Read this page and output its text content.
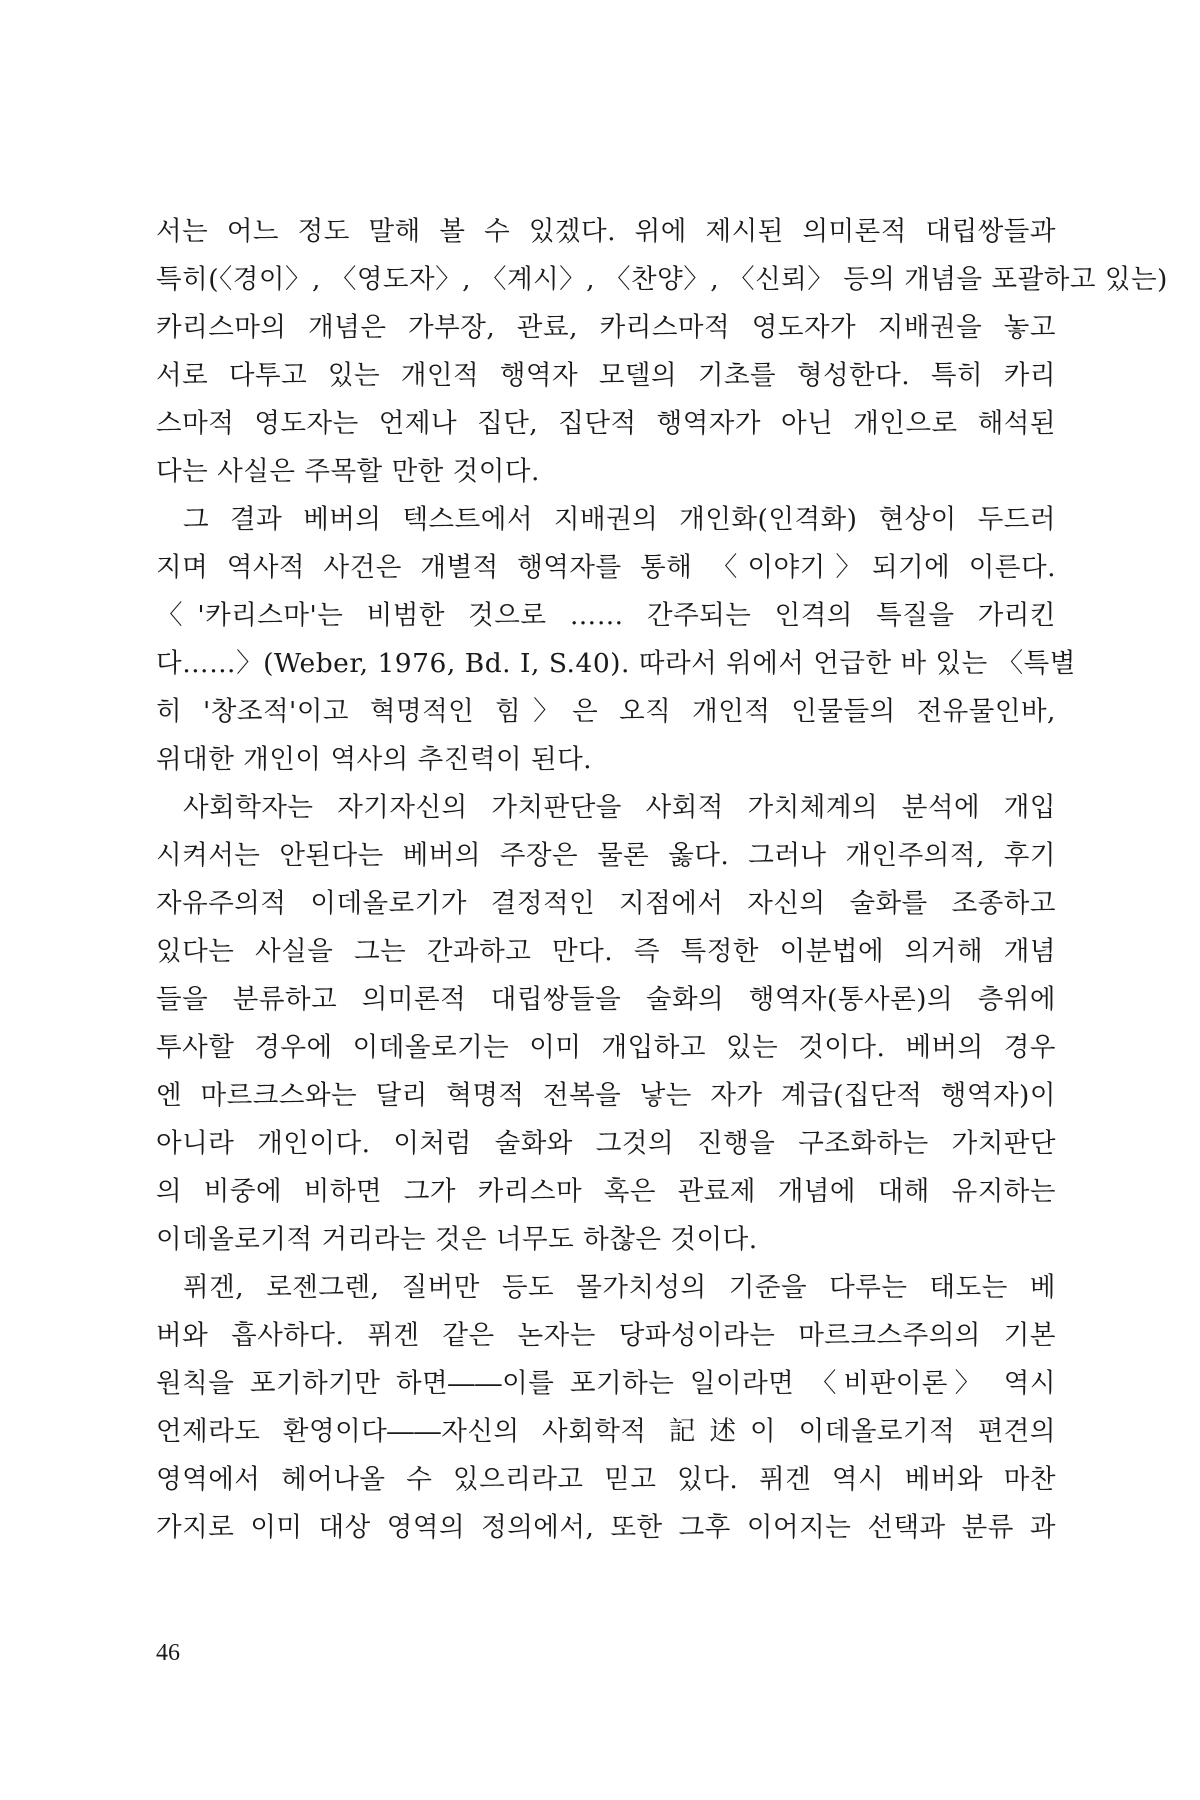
서는 어느 정도 말해 볼 수 있겠다. 위에 제시된 의미론적 대립쌍들과
특히(〈경이〉, 〈영도자〉, 〈계시〉, 〈찬양〉, 〈신뢰〉 등의 개념을 포괄하고 있는)
카리스마의 개념은 가부장, 관료, 카리스마적 영도자가 지배권을 놓고
서로 다투고 있는 개인적 행역자 모델의 기초를 형성한다. 특히 카리
스마적 영도자는 언제나 집단, 집단적 행역자가 아닌 개인으로 해석된
다는 사실은 주목할 만한 것이다.

그 결과 베버의 텍스트에서 지배권의 개인화(인격화) 현상이 두드러
지며 역사적 사건은 개별적 행역자를 통해 〈이야기〉되기에 이른다.
〈'카리스마'는 비범한 것으로 …… 간주되는 인격의 특질을 가리킨
다……〉(Weber, 1976, Bd. I, S.40). 따라서 위에서 언급한 바 있는 〈특별
히 '창조적'이고 혁명적인 힘〉은 오직 개인적 인물들의 전유물인바,
위대한 개인이 역사의 추진력이 된다.

사회학자는 자기자신의 가치판단을 사회적 가치체계의 분석에 개입
시켜서는 안된다는 베버의 주장은 물론 옳다. 그러나 개인주의적, 후기
자유주의적 이데올로기가 결정적인 지점에서 자신의 술화를 조종하고
있다는 사실을 그는 간과하고 만다. 즉 특정한 이분법에 의거해 개념
들을 분류하고 의미론적 대립쌍들을 술화의 행역자(통사론)의 층위에
투사할 경우에 이데올로기는 이미 개입하고 있는 것이다. 베버의 경우
엔 마르크스와는 달리 혁명적 전복을 낳는 자가 계급(집단적 행역자)이
아니라 개인이다. 이처럼 술화와 그것의 진행을 구조화하는 가치판단
의 비중에 비하면 그가 카리스마 혹은 관료제 개념에 대해 유지하는
이데올로기적 거리라는 것은 너무도 하찮은 것이다.

퓌겐, 로젠그렌, 질버만 등도 몰가치성의 기준을 다루는 태도는 베
버와 흡사하다. 퓌겐 같은 논자는 당파성이라는 마르크스주의의 기본
원칙을 포기하기만 하면――이를 포기하는 일이라면 〈비판이론〉 역시
언제라도 환영이다――자신의 사회학적 記述이 이데올로기적 편견의
영역에서 헤어나올 수 있으리라고 믿고 있다. 퓌겐 역시 베버와 마찬
가지로 이미 대상 영역의 정의에서, 또한 그후 이어지는 선택과 분류 과

46
